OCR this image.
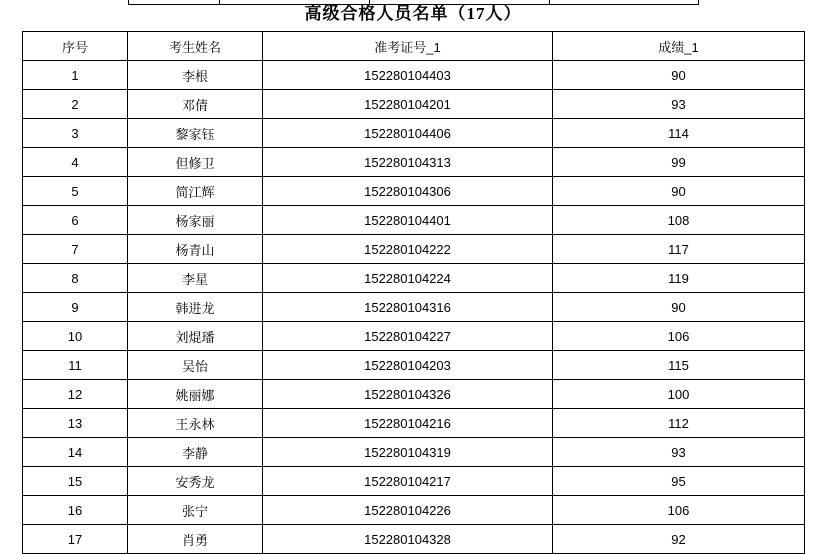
高级合格人员名单（17人）
序号	考生姓名	准考证号_1	成绩_1
1	李根	152280104403	90
2	邓倩	152280104201	93
3	黎家钰	152280104406	114
4	但修卫	152280104313	99
5	简江辉	152280104306	90
6	杨家丽	152280104401	108
7	杨青山	152280104222	117
8	李星	152280104224	119
9	韩进龙	152280104316	90
10	刘焜璠	152280104227	106
11	吴怡	152280104203	115
12	姚丽娜	152280104326	100
13	王永林	152280104216	112
14	李静	152280104319	93
15	安秀龙	152280104217	95
16	张宁	152280104226	106
17	肖勇	152280104328	92
